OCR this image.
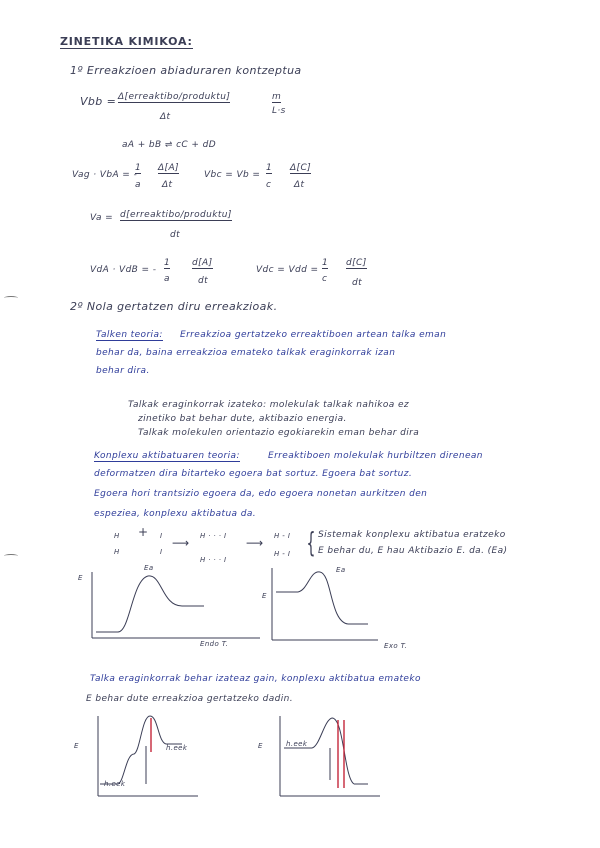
ZINETIKA KIMIKOA:
1º Erreakzioen abiaduraren kontzeptua
Vbb = Δ[erreaktibo/produktu]
Δt
m
L·s
aA + bB ⇌ cC + dD
Vag · VbA = -
1
a
Δ[A]
Δt
Vbc = Vb =
1
c
Δ[C]
Δt
Va = d[erreaktibo/produktu]
dt
VdA · VdB = -
1
a
d[A]
dt
Vdc = Vdd =
1
c
d[C]
dt
2º Nola gertatzen diru erreakzioak.
Talken teoria: Erreakzioa gertatzeko erreaktiboen artean talka eman
behar da, baina erreakzioa emateko talkak eraginkorrak izan
behar dira.
Talkak eraginkorrak izateko: molekulak talkak nahikoa ez
zinetiko bat behar dute, aktibazio energia.
Talkak molekulen orientazio egokiarekin eman behar dira
Konplexu aktibatuaren teoria:	Erreaktiboen molekulak hurbiltzen direnean
deformatzen dira bitarteko egoera bat sortuz. Egoera bat sortuz.
Egoera hori trantsizio egoera da, edo egoera nonetan aurkitzen den
espeziea, konplexu aktibatua da.
H
H
+ I
I
⟶ H · · · I
H · · · I
⟶ H - I
H - I { Sistemak konplexu aktibatua eratzeko
E behar du, E hau Aktibazio E. da. (Ea)
E
Ea
Endo T.
E
Ea
Exo T.
Talka eraginkorrak behar izateaz gain, konplexu aktibatua emateko
E behar dute erreakzioa gertatzeko dadin.
E	h.eek
h.eek
E	h.eek
